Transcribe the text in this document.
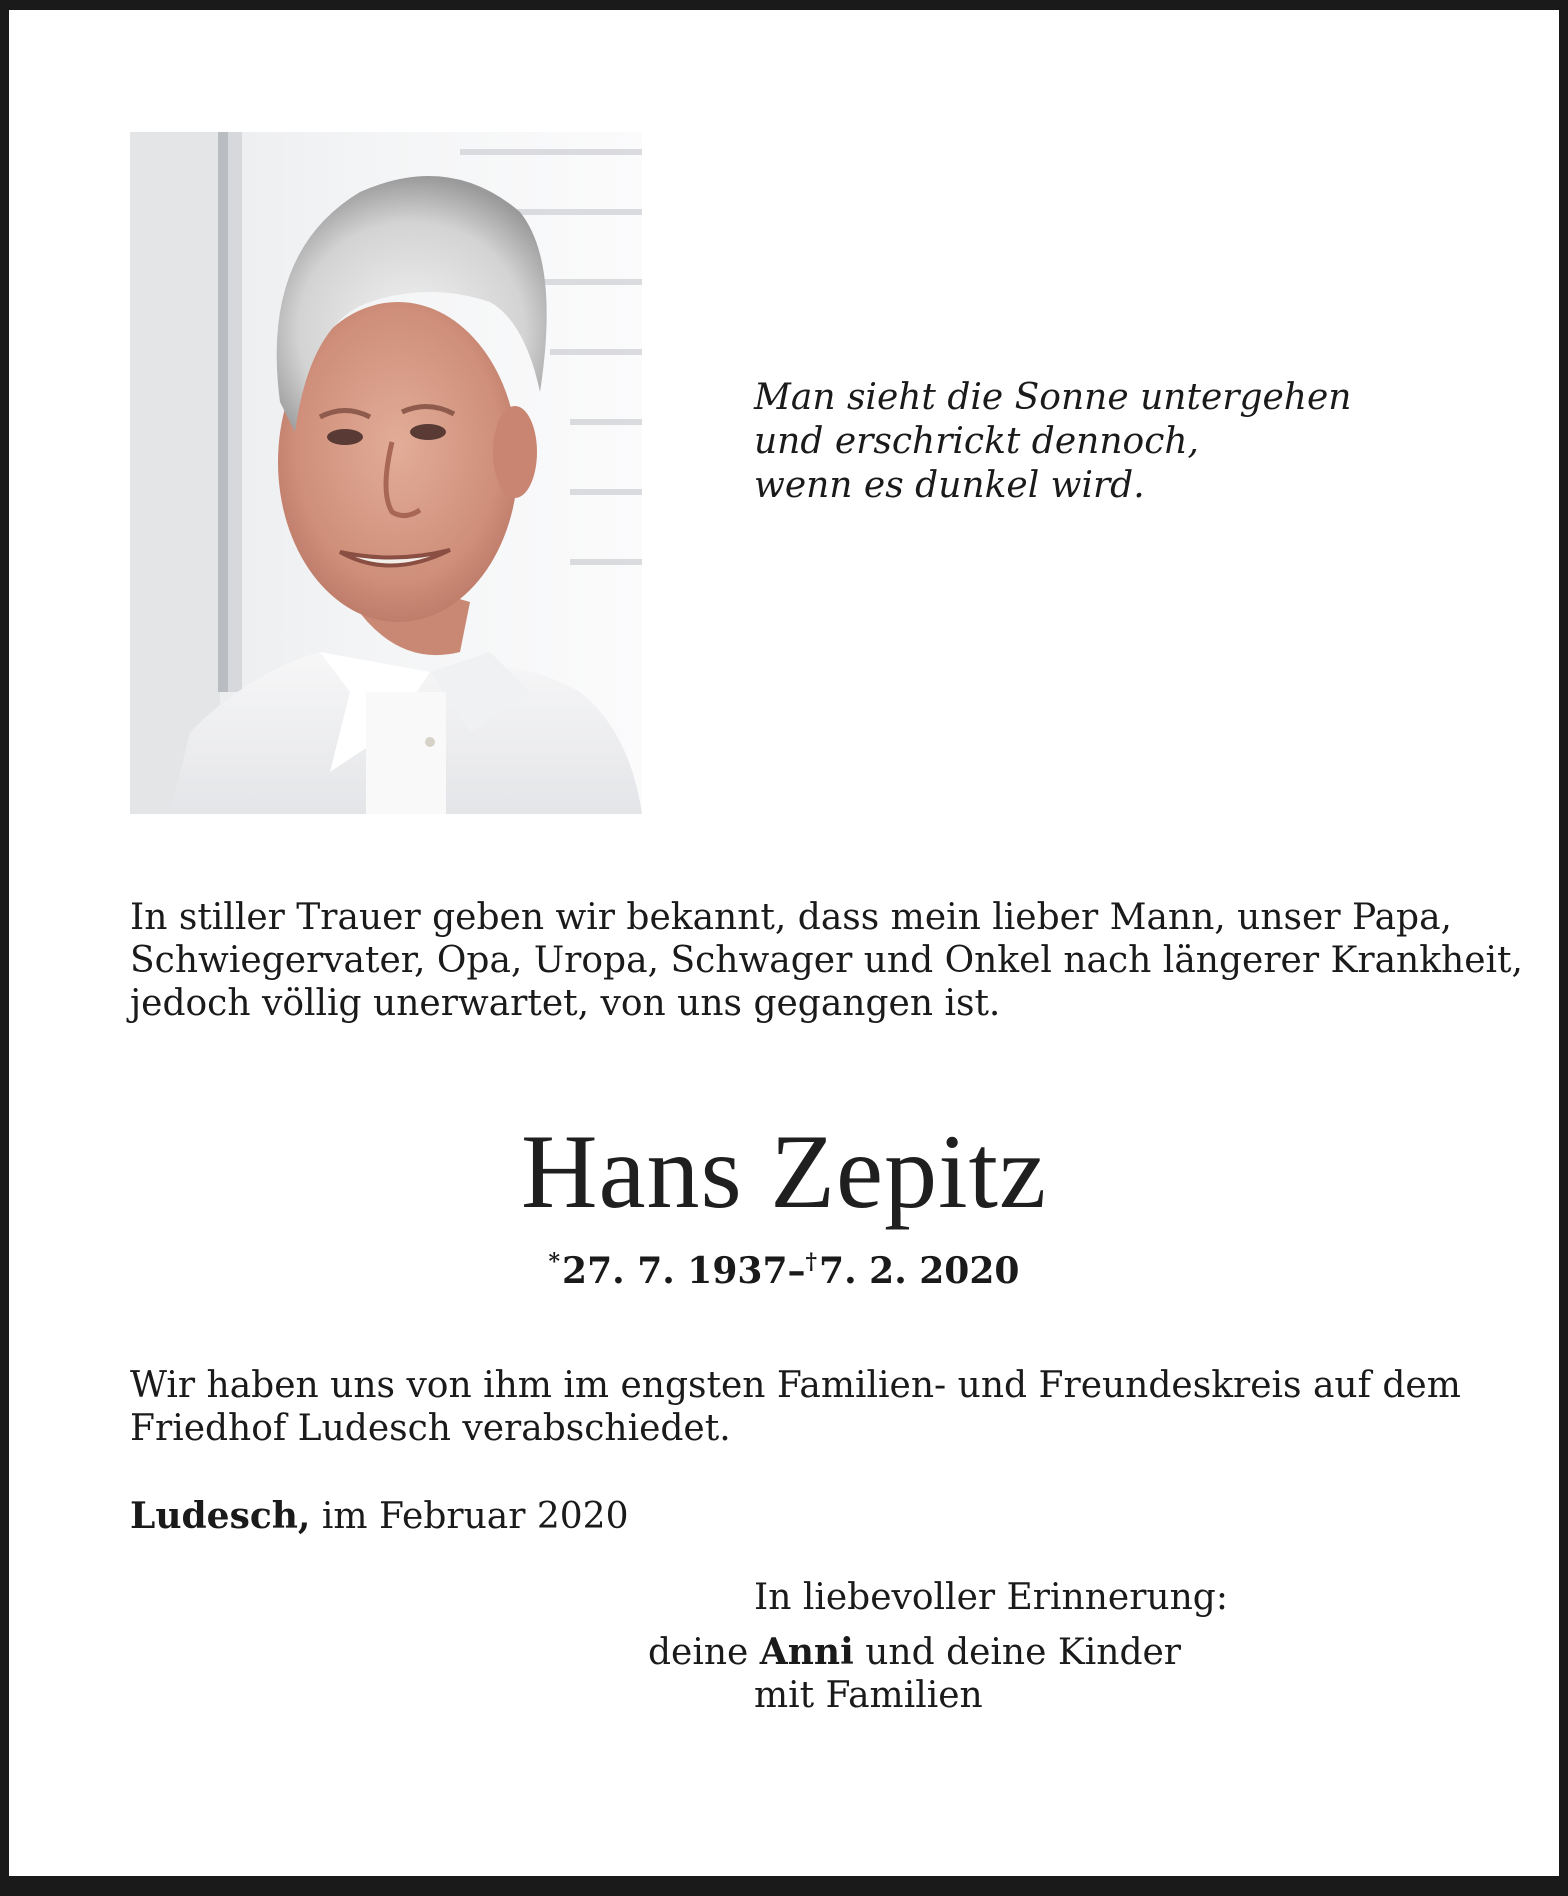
Man sieht die Sonne untergehen
und erschrickt dennoch,
wenn es dunkel wird.
In stiller Trauer geben wir bekannt, dass mein lieber Mann, unser Papa,
Schwiegervater, Opa, Uropa, Schwager und Onkel nach längerer Krankheit,
jedoch völlig unerwartet, von uns gegangen ist.
Hans Zepitz
*27. 7. 1937–†7. 2. 2020
Wir haben uns von ihm im engsten Familien- und Freundeskreis auf dem
Friedhof Ludesch verabschiedet.
Ludesch, im Februar 2020
In liebevoller Erinnerung:
deine Anni und deine Kinder
mit Familien
